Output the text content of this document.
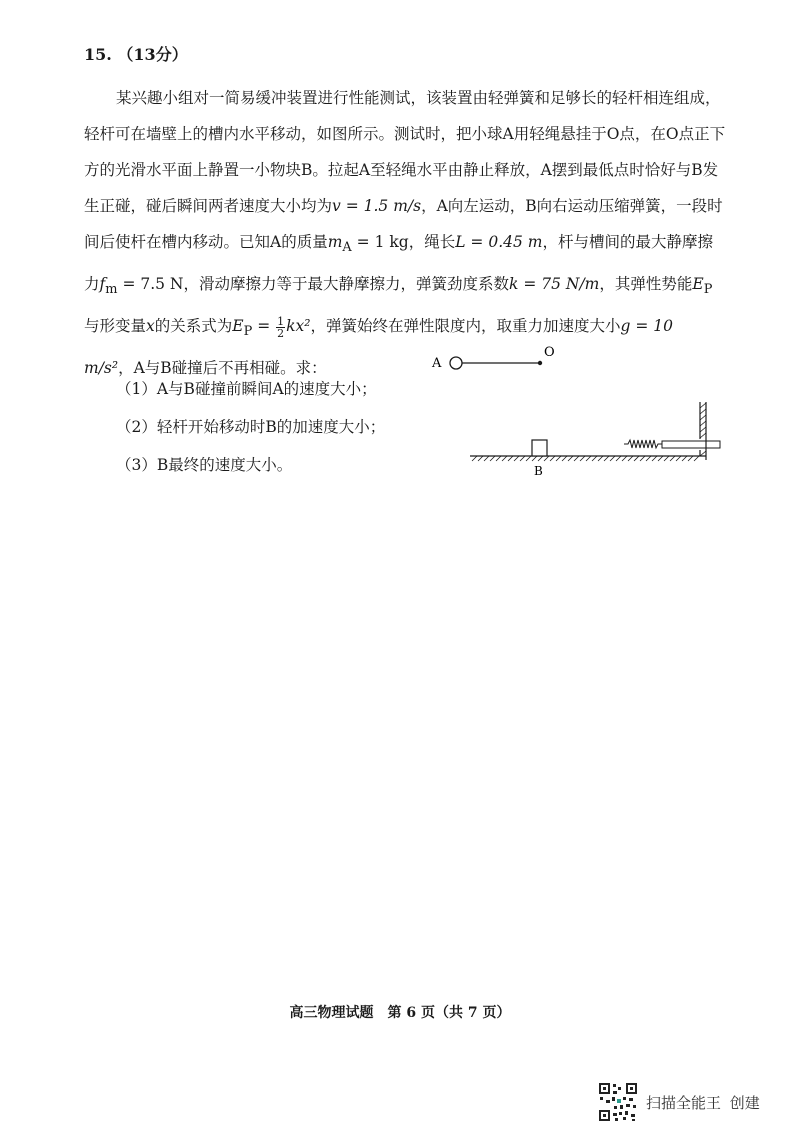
15. （13分）

某兴趣小组对一简易缓冲装置进行性能测试，该装置由轻弹簧和足够长的轻杆相连组成，轻杆可在墙壁上的槽内水平移动，如图所示。测试时，把小球A用轻绳悬挂于O点，在O点正下方的光滑水平面上静置一小物块B。拉起A至轻绳水平由静止释放，A摆到最低点时恰好与B发生正碰，碰后瞬间两者速度大小均为v = 1.5 m/s，A向左运动，B向右运动压缩弹簧，一段时间后使杆在槽内移动。已知A的质量$m_A = 1$ kg，绳长L = 0.45 m，杆与槽间的最大静摩擦力$f_m = 7.5$ N，滑动摩擦力等于最大静摩擦力，弹簧劲度系数k = 75 N/m，其弹性势能$E_P$与形变量x的关系式为$E_P = \frac{1}{2} kx^2$，弹簧始终在弹性限度内，取重力加速度大小g = 10 m/s²，A与B碰撞后不再相碰。求：

（1）A与B碰撞前瞬间A的速度大小；
（2）轻杆开始移动时B的加速度大小；
（3）B最终的速度大小。
A
O
B
高三物理试题　第 6 页（共 7 页）
扫描全能王 创建
